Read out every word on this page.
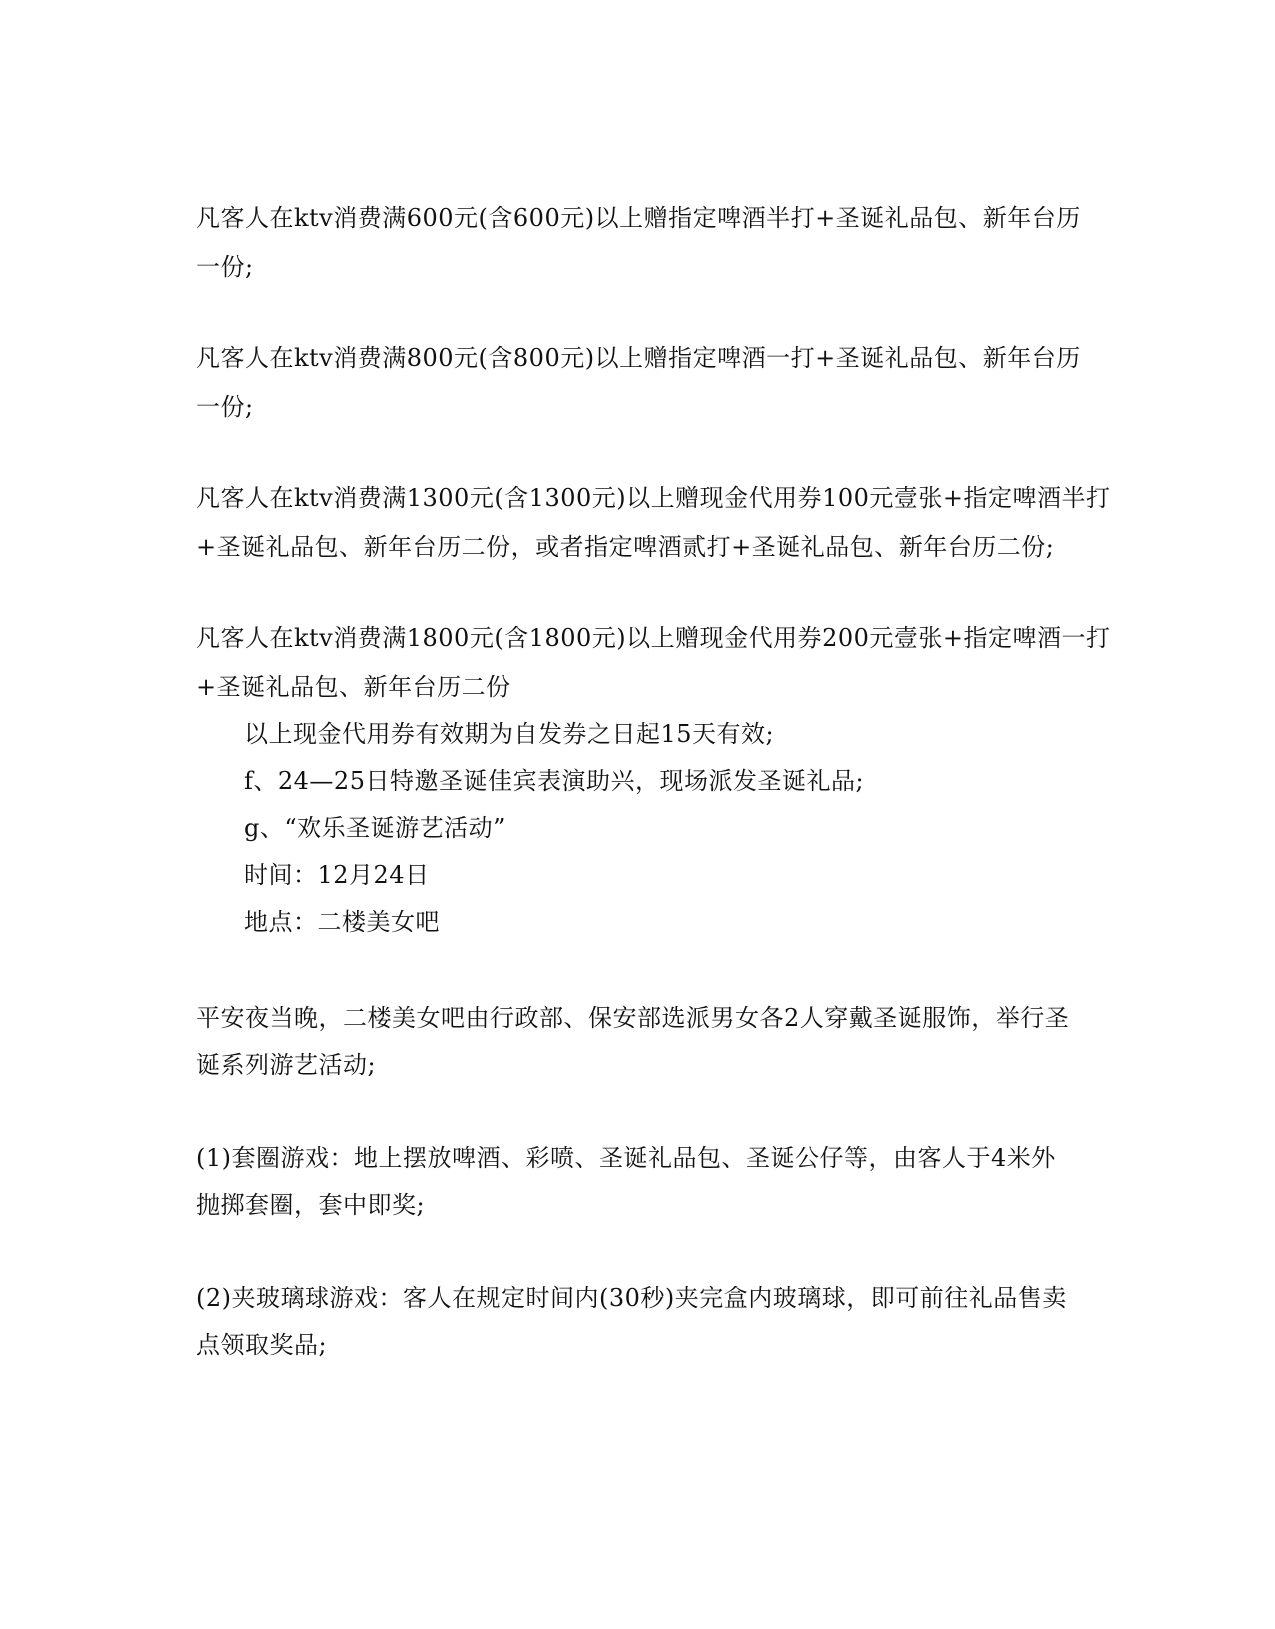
凡客人在ktv消费满600元(含600元)以上赠指定啤酒半打+圣诞礼品包、新年台历
一份;
凡客人在ktv消费满800元(含800元)以上赠指定啤酒一打+圣诞礼品包、新年台历
一份;
凡客人在ktv消费满1300元(含1300元)以上赠现金代用券100元壹张+指定啤酒半打
+圣诞礼品包、新年台历二份，或者指定啤酒贰打+圣诞礼品包、新年台历二份;
凡客人在ktv消费满1800元(含1800元)以上赠现金代用券200元壹张+指定啤酒一打
+圣诞礼品包、新年台历二份
以上现金代用券有效期为自发券之日起15天有效;
f、24—25日特邀圣诞佳宾表演助兴，现场派发圣诞礼品;
g、“欢乐圣诞游艺活动”
时间：12月24日
地点：二楼美女吧
平安夜当晚，二楼美女吧由行政部、保安部选派男女各2人穿戴圣诞服饰，举行圣
诞系列游艺活动;
(1)套圈游戏：地上摆放啤酒、彩喷、圣诞礼品包、圣诞公仔等，由客人于4米外
抛掷套圈，套中即奖;
(2)夹玻璃球游戏：客人在规定时间内(30秒)夹完盒内玻璃球，即可前往礼品售卖
点领取奖品;
